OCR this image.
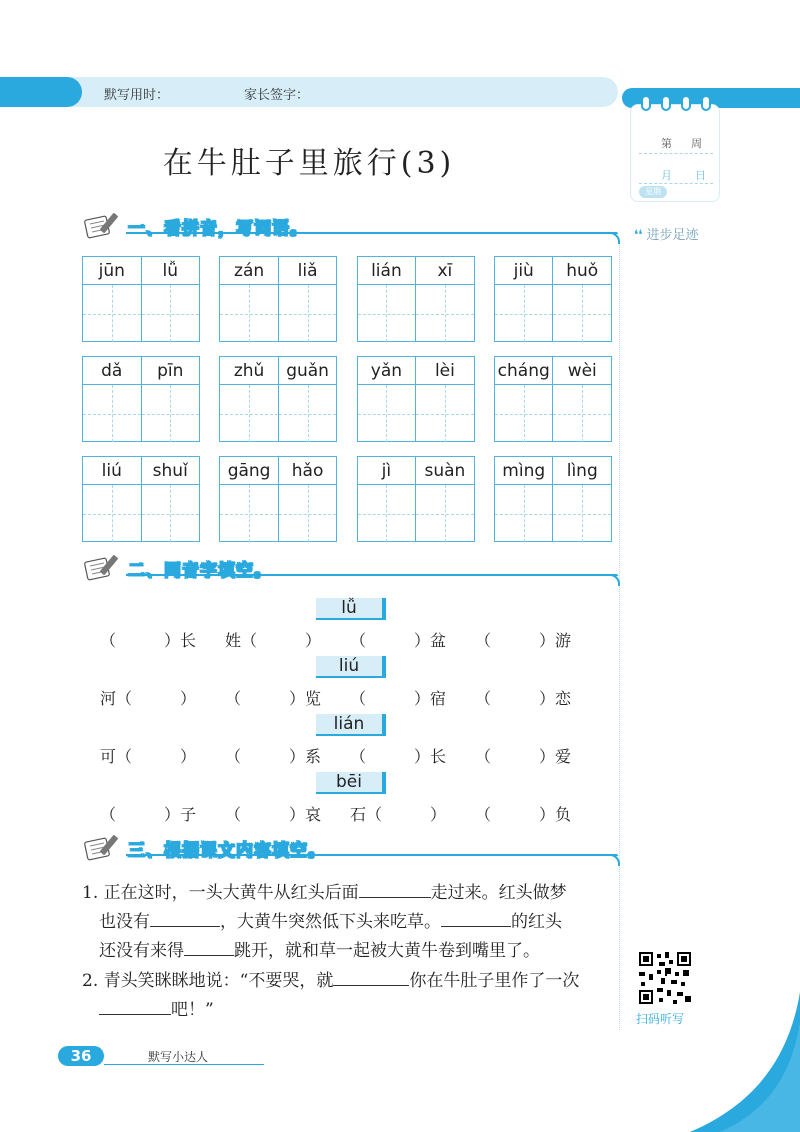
默写用时：	家长签字：
第 周
月 日
星期
❛❛ 进步足迹
在牛肚子里旅行(3)
一、看拼音，写词语。
jūn	lǚ	zán	liǎ	lián	xī	jiù	huǒ
dǎ	pīn	zhǔ	guǎn	yǎn	lèi	cháng	wèi
liú	shuǐ	gāng	hǎo	jì	suàn	mìng	lìng
二、同音字填空。
lǚ
（　　　）长	姓（　　　）	（　　　）盆	（　　　）游
liú
河（　　　）	（　　　）览	（　　　）宿	（　　　）恋
lián
可（　　　）	（　　　）系	（　　　）长	（　　　）爱
bēi
（　　　）子	（　　　）哀	石（　　　）	（　　　）负
三、根据课文内容填空。
1. 正在这时，一头大黄牛从红头后面	走过来。红头做梦
也没有	，大黄牛突然低下头来吃草。	的红头
还没有来得	跳开，就和草一起被大黄牛卷到嘴里了。
2. 青头笑眯眯地说：“不要哭，就	你在牛肚子里作了一次
吧！”	扫码听写
36	默写小达人
